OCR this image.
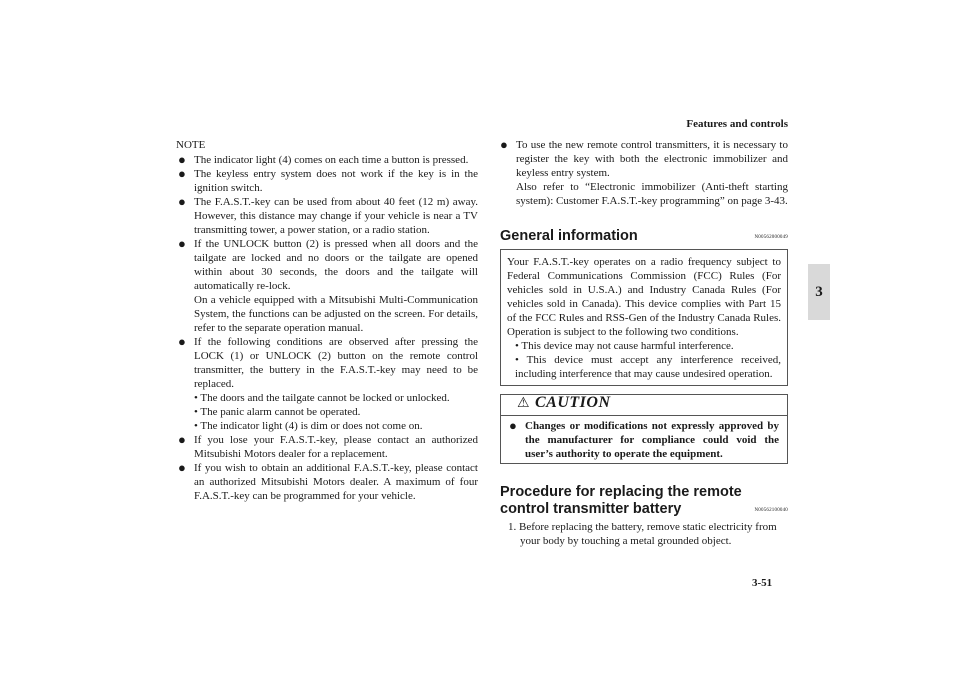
Features and controls
3
NOTE
● The indicator light (4) comes on each time a button is pressed.
● The keyless entry system does not work if the key is in the ignition switch.
● The F.A.S.T.-key can be used from about 40 feet (12 m) away. However, this distance may change if your vehicle is near a TV transmitting tower, a power station, or a radio station.
● If the UNLOCK button (2) is pressed when all doors and the tailgate are locked and no doors or the tailgate are opened within about 30 seconds, the doors and the tailgate will automatically re-lock.
On a vehicle equipped with a Mitsubishi Multi-Communication System, the functions can be adjusted on the screen. For details, refer to the separate operation manual.
● If the following conditions are observed after pressing the LOCK (1) or UNLOCK (2) button on the remote control transmitter, the buttery in the F.A.S.T.-key may need to be replaced.
• The doors and the tailgate cannot be locked or unlocked.
• The panic alarm cannot be operated.
• The indicator light (4) is dim or does not come on.
● If you lose your F.A.S.T.-key, please contact an authorized Mitsubishi Motors dealer for a replacement.
● If you wish to obtain an additional F.A.S.T.-key, please contact an authorized Mitsubishi Motors dealer. A maximum of four F.A.S.T.-key can be programmed for your vehicle.
● To use the new remote control transmitters, it is necessary to register the key with both the electronic immobilizer and keyless entry system.
Also refer to “Electronic immobilizer (Anti-theft starting system): Customer F.A.S.T.-key programming” on page 3-43.
General information	N00562000049
Your F.A.S.T.-key operates on a radio frequency subject to Federal Communications Commission (FCC) Rules (For vehicles sold in U.S.A.) and Industry Canada Rules (For vehicles sold in Canada). This device complies with Part 15 of the FCC Rules and RSS-Gen of the Industry Canada Rules. Operation is subject to the following two conditions.
• This device may not cause harmful interference.
• This device must accept any interference received, including interference that may cause undesired operation.
⚠ CAUTION
● Changes or modifications not expressly approved by the manufacturer for compliance could void the user’s authority to operate the equipment.
Procedure for replacing the remote control transmitter battery	N00562100040
1. Before replacing the battery, remove static electricity from your body by touching a metal grounded object.
3-51
